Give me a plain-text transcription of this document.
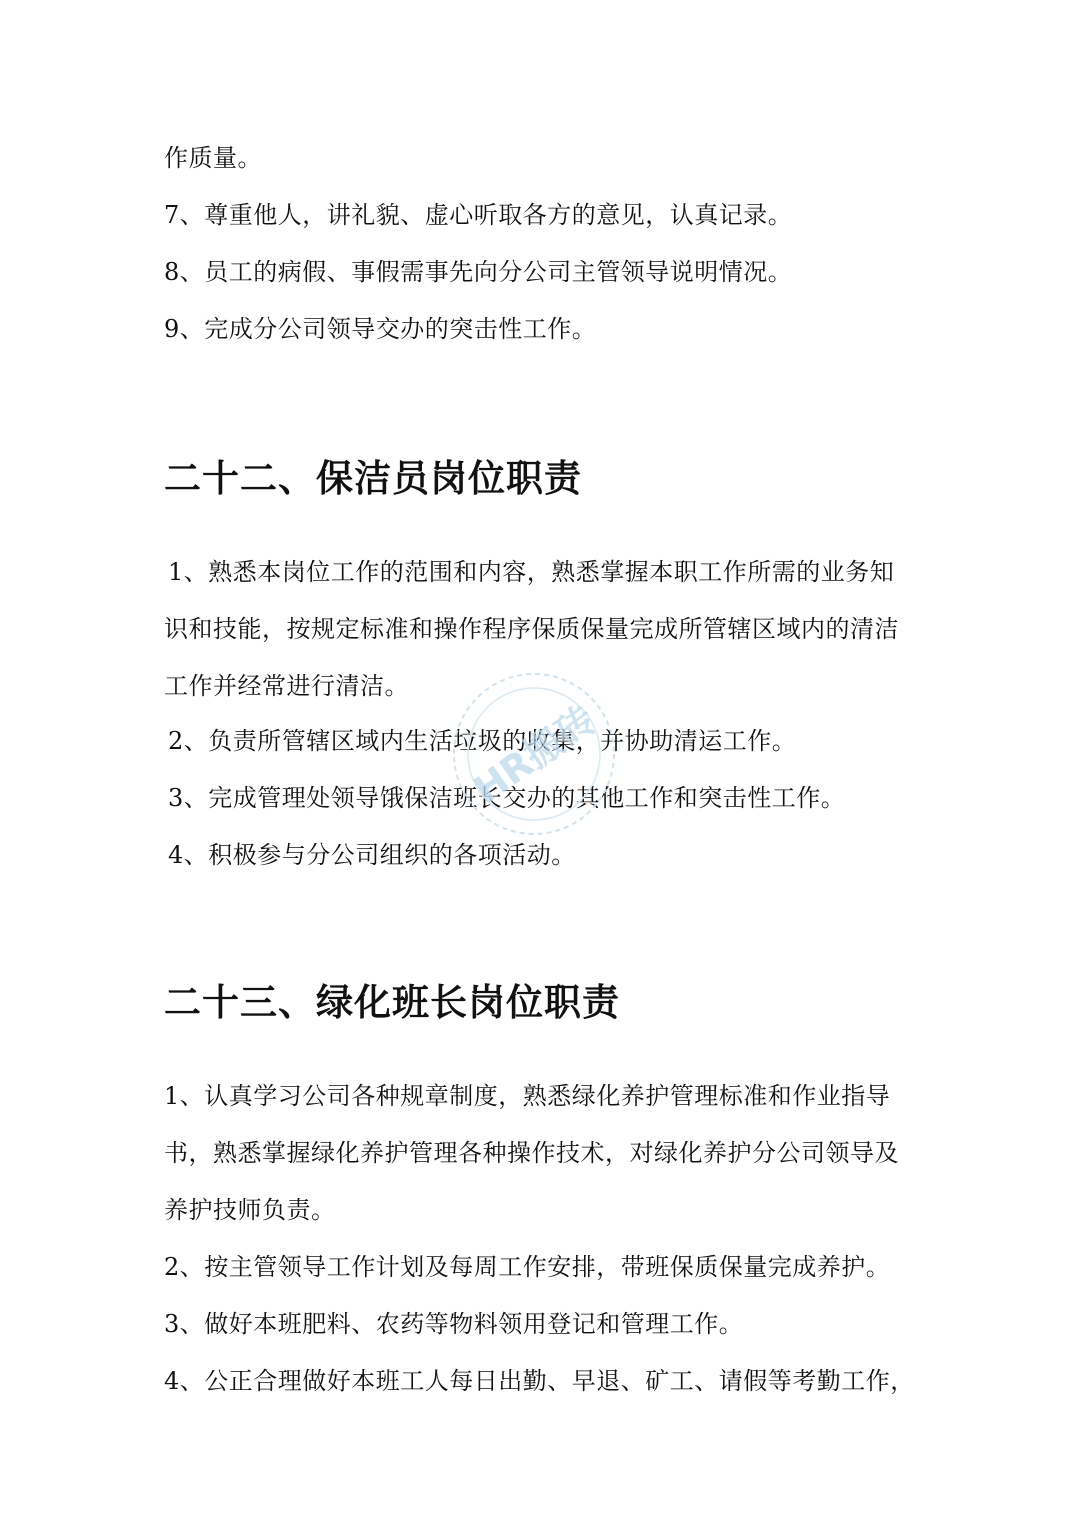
作质量。
7、尊重他人，讲礼貌、虚心听取各方的意见，认真记录。
8、员工的病假、事假需事先向分公司主管领导说明情况。
9、完成分公司领导交办的突击性工作。
二十二、保洁员岗位职责
1、熟悉本岗位工作的范围和内容，熟悉掌握本职工作所需的业务知
识和技能，按规定标准和操作程序保质保量完成所管辖区域内的清洁
工作并经常进行清洁。
2、负责所管辖区域内生活垃圾的收集，并协助清运工作。
3、完成管理处领导饿保洁班长交办的其他工作和突击性工作。
4、积极参与分公司组织的各项活动。
二十三、绿化班长岗位职责
1、认真学习公司各种规章制度，熟悉绿化养护管理标准和作业指导
书，熟悉掌握绿化养护管理各种操作技术，对绿化养护分公司领导及
养护技师负责。
2、按主管领导工作计划及每周工作安排，带班保质保量完成养护。
3、做好本班肥料、农药等物料领用登记和管理工作。
4、公正合理做好本班工人每日出勤、早退、矿工、请假等考勤工作，
HR搬砖
